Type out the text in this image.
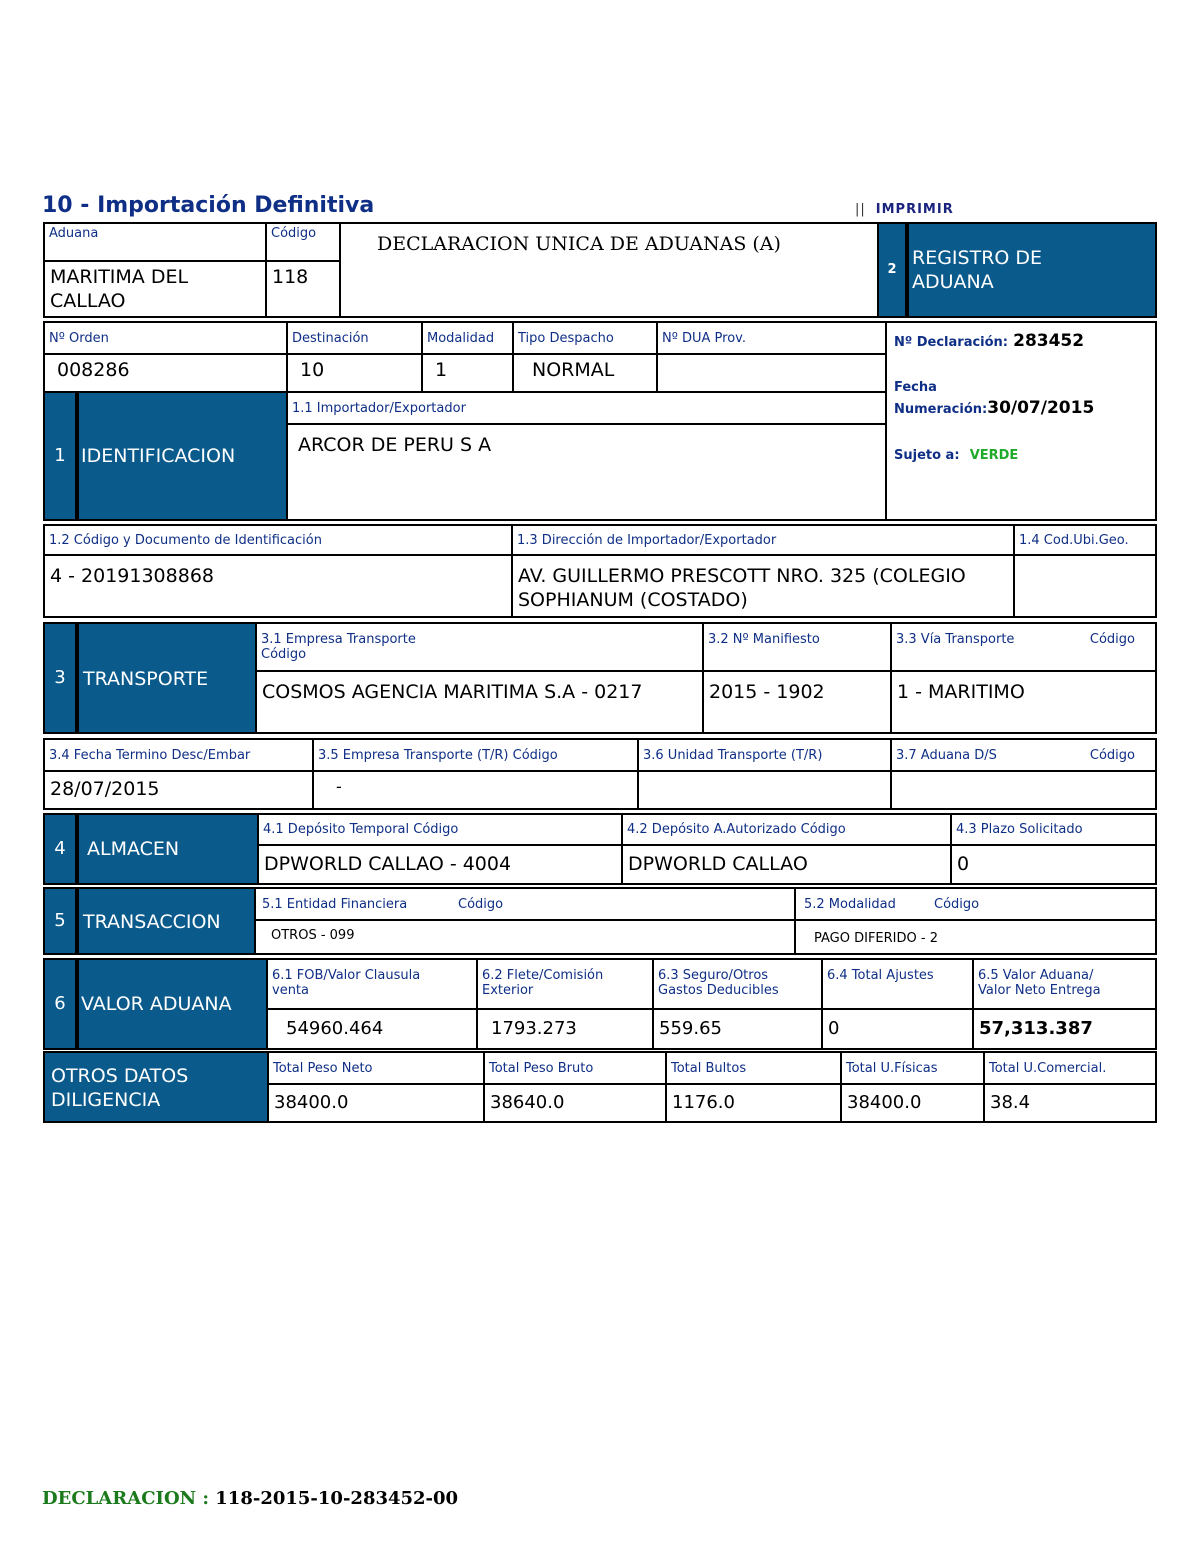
10 - Importación Definitiva	|| IMPRIMIR
Aduana
MARITIMA DEL CALLAO
Código
118
DECLARACION UNICA DE ADUANAS (A)
2
REGISTRO DE ADUANA
Nº Orden	Destinación	Modalidad	Tipo Despacho	Nº DUA Prov.
008286	10	1	NORMAL
Nº Declaración: 283452
Fecha
Numeración:30/07/2015
Sujeto a: VERDE
1 IDENTIFICACION
1.1 Importador/Exportador
ARCOR DE PERU S A
1.2 Código y Documento de Identificación	1.3 Dirección de Importador/Exportador	1.4 Cod.Ubi.Geo.
4 - 20191308868	AV. GUILLERMO PRESCOTT NRO. 325 (COLEGIO SOPHIANUM (COSTADO)
3 TRANSPORTE
3.1 Empresa Transporte
Código
3.2 Nº Manifiesto	3.3 Vía Transporte	Código
COSMOS AGENCIA MARITIMA S.A - 0217	2015 - 1902	1 - MARITIMO
3.4 Fecha Termino Desc/Embar	3.5 Empresa Transporte (T/R) Código	3.6 Unidad Transporte (T/R)	3.7 Aduana D/S	Código
28/07/2015	-
4	ALMACEN
4.1 Depósito Temporal Código	4.2 Depósito A.Autorizado Código	4.3 Plazo Solicitado
DPWORLD CALLAO - 4004	DPWORLD CALLAO	0
5 TRANSACCION
5.1 Entidad Financiera	Código	5.2 Modalidad	Código
OTROS - 099	PAGO DIFERIDO - 2
6 VALOR ADUANA
6.1 FOB/Valor Clausula
venta
6.2 Flete/Comisión
Exterior
6.3 Seguro/Otros
Gastos Deducibles
6.4 Total Ajustes	6.5 Valor Aduana/
Valor Neto Entrega
54960.464	1793.273	559.65	0	57,313.387
OTROS DATOS
DILIGENCIA
Total Peso Neto	Total Peso Bruto	Total Bultos	Total U.Físicas	Total U.Comercial.
38400.0	38640.0	1176.0	38400.0	38.4
DECLARACION : 118-2015-10-283452-00
